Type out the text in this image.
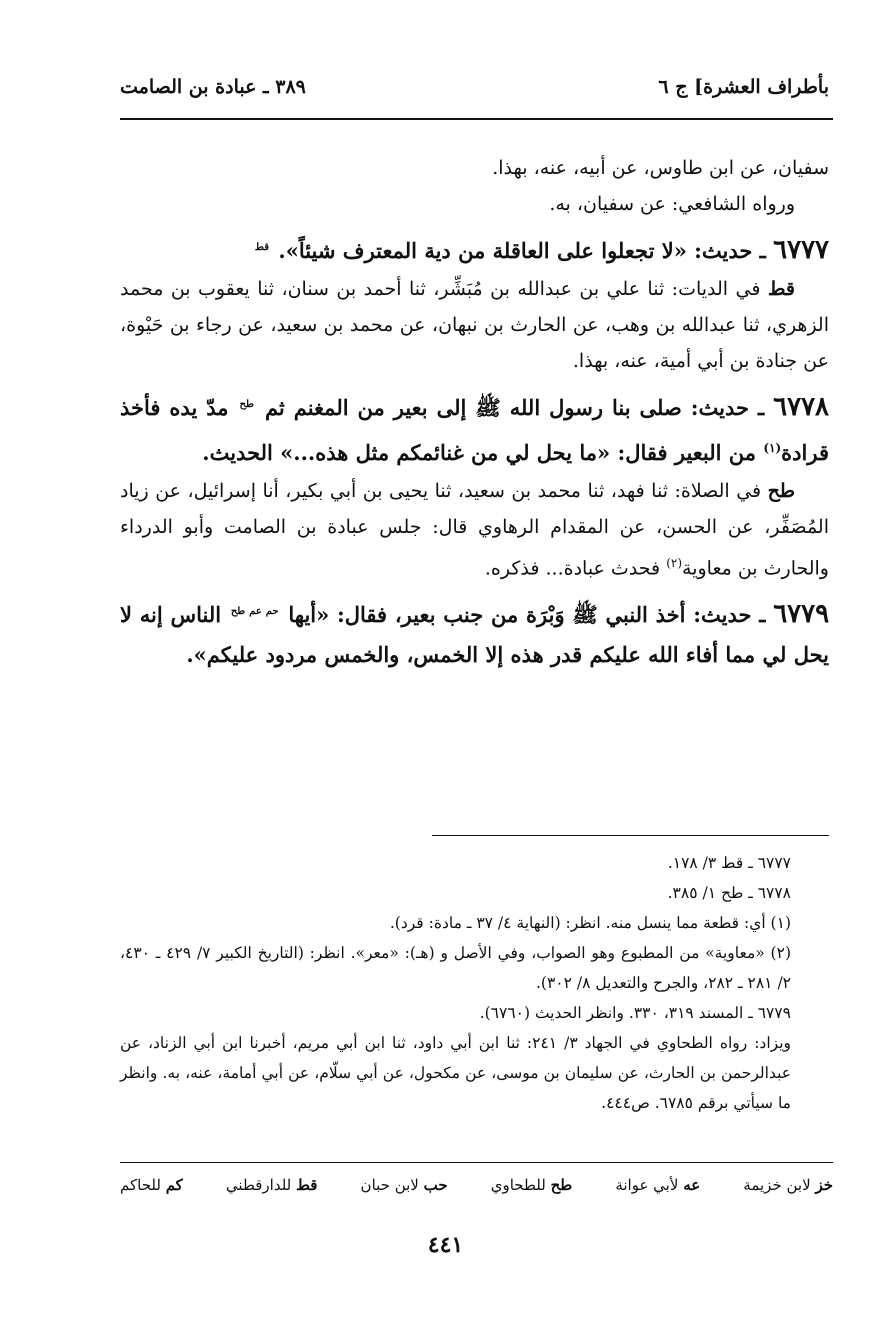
بأطراف العشرة] ج ٦
٣٨٩ ـ عبادة بن الصامت

سفيان، عن ابن طاوس، عن أبيه، عنه، بهذا.

ورواه الشافعي: عن سفيان، به.

٦٧٧٧ ـ حديث: «لا تجعلوا على العاقلة من دية المعترف شيئاً». $^{قط}$

قط في الديات: ثنا علي بن عبدالله بن مُبَشِّر، ثنا أحمد بن سنان، ثنا يعقوب بن محمد الزهري، ثنا عبدالله بن وهب، عن الحارث بن نبهان، عن محمد بن سعيد، عن رجاء بن حَيْوة، عن جنادة بن أبي أمية، عنه، بهذا.

٦٧٧٨ ـ حديث: صلى بنا رسول الله ﷺ إلى بعير من المغنم ثم $^{طح}$ مدّ يده فأخذ قرادة$^{(١)}$ من البعير فقال: «ما يحل لي من غنائمكم مثل هذه...» الحديث.

طح في الصلاة: ثنا فهد، ثنا محمد بن سعيد، ثنا يحيى بن أبي بكير، أنا إسرائيل، عن زياد المُصَفِّر، عن الحسن، عن المقدام الرهاوي قال: جلس عبادة بن الصامت وأبو الدرداء والحارث بن معاوية$^{(٢)}$ فحدث عبادة... فذكره.

٦٧٧٩ ـ حديث: أخذ النبي ﷺ وَبْرَة من جنب بعير، فقال: «أيها $^{حم عم طح}$ الناس إنه لا يحل لي مما أفاء الله عليكم قدر هذه إلا الخمس، والخمس مردود عليكم».

٦٧٧٧ ـ قط ٣/ ١٧٨.

٦٧٧٨ ـ طح ١/ ٣٨٥.

(١) أي: قطعة مما ينسل منه. انظر: (النهاية ٤/ ٣٧ ـ مادة: قرد).

(٢) «معاوية» من المطبوع وهو الصواب، وفي الأصل و (هـ): «معر». انظر: (التاريخ الكبير ٧/ ٤٢٩ ـ ٤٣٠، ٢/ ٢٨١ ـ ٢٨٢، والجرح والتعديل ٨/ ٣٠٢).

٦٧٧٩ ـ المسند ٣١٩، ٣٣٠. وانظر الحديث (٦٧٦٠).

ويزاد: رواه الطحاوي في الجهاد ٣/ ٢٤١: ثنا ابن أبي داود، ثنا ابن أبي مريم، أخبرنا ابن أبي الزناد، عن عبدالرحمن بن الحارث، عن سليمان بن موسى، عن مكحول، عن أبي سلّام، عن أبي أمامة، عنه، به. وانظر ما سيأتي برقم ٦٧٨٥. ص٤٤٤.

خز لابن خزيمة
عه لأبي عوانة
طح للطحاوي
حب لابن حبان
قط للدارقطني
كم للحاكم
٤٤١
